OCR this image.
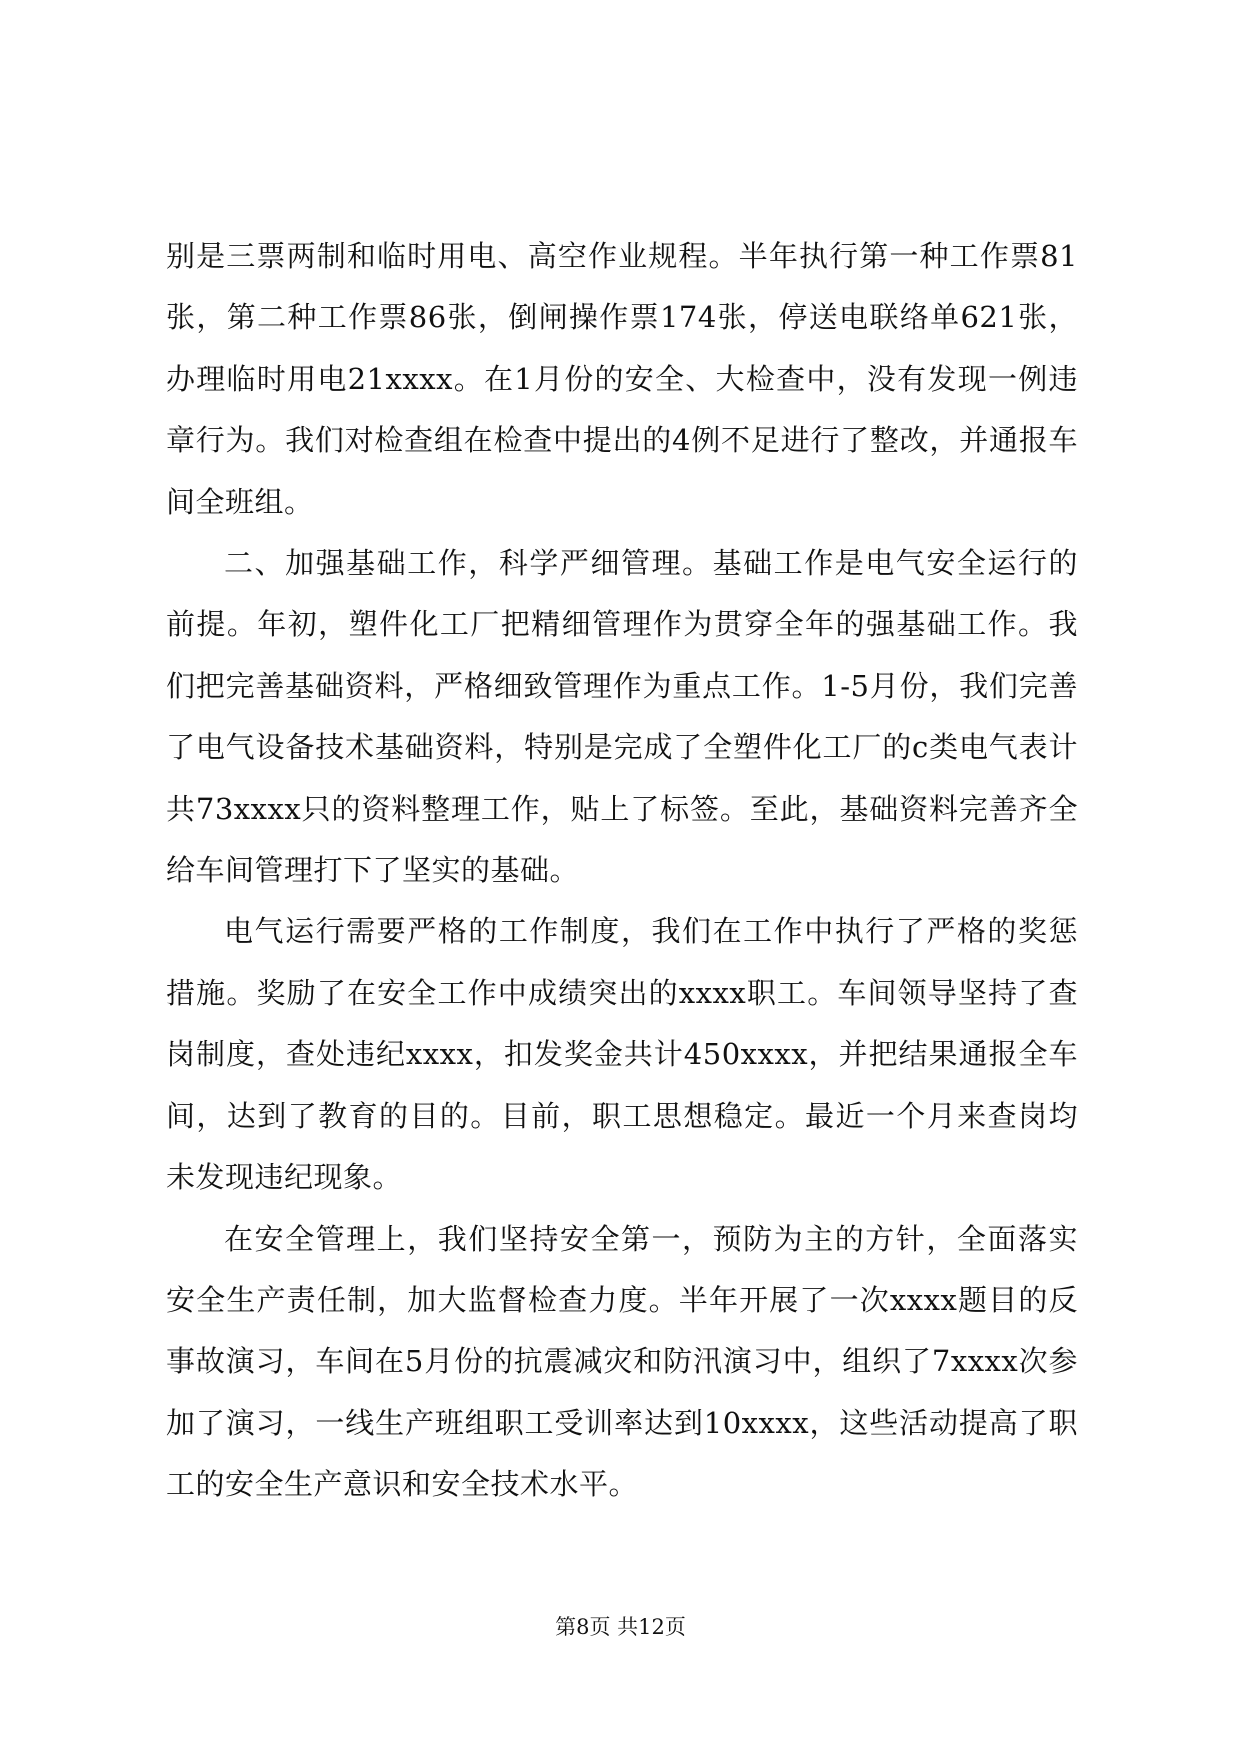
别是三票两制和临时用电、高空作业规程。半年执行第一种工作票81张，第二种工作票86张，倒闸操作票174张，停送电联络单621张，办理临时用电21xxxx。在1月份的安全、大检查中，没有发现一例违章行为。我们对检查组在检查中提出的4例不足进行了整改，并通报车间全班组。

二、加强基础工作，科学严细管理。基础工作是电气安全运行的前提。年初，塑件化工厂把精细管理作为贯穿全年的强基础工作。我们把完善基础资料，严格细致管理作为重点工作。1-5月份，我们完善了电气设备技术基础资料，特别是完成了全塑件化工厂的c类电气表计共73xxxx只的资料整理工作，贴上了标签。至此，基础资料完善齐全给车间管理打下了坚实的基础。

电气运行需要严格的工作制度，我们在工作中执行了严格的奖惩措施。奖励了在安全工作中成绩突出的xxxx职工。车间领导坚持了查岗制度，查处违纪xxxx，扣发奖金共计450xxxx，并把结果通报全车间，达到了教育的目的。目前，职工思想稳定。最近一个月来查岗均未发现违纪现象。

在安全管理上，我们坚持安全第一，预防为主的方针，全面落实安全生产责任制，加大监督检查力度。半年开展了一次xxxx题目的反事故演习，车间在5月份的抗震减灾和防汛演习中，组织了7xxxx次参加了演习，一线生产班组职工受训率达到10xxxx，这些活动提高了职工的安全生产意识和安全技术水平。

第8页 共12页
